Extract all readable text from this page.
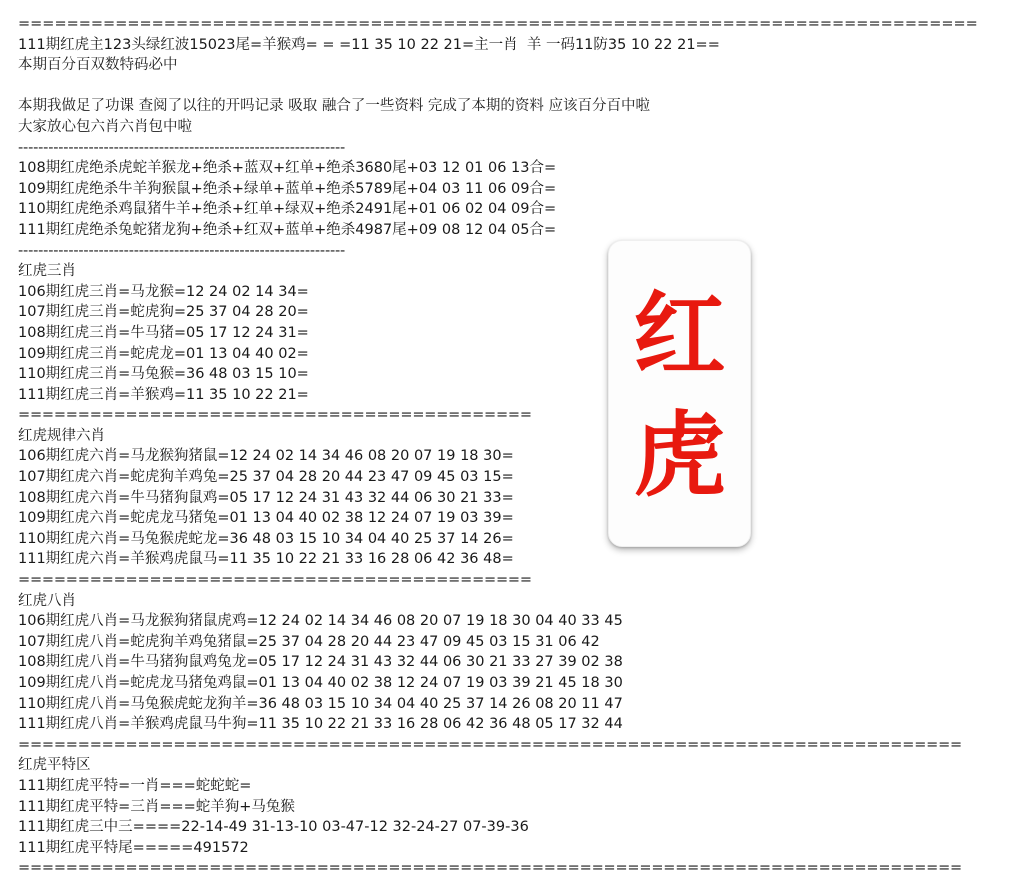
===============================================================================
111期红虎主123头绿红波15023尾=羊猴鸡= = =11 35 10 22 21=主一肖  羊 一码11防35 10 22 21==
本期百分百双数特码必中
本期我做足了功课 查阅了以往的开吗记录 吸取 融合了一些资料 完成了本期的资料 应该百分百中啦
大家放心包六肖六肖包中啦
-----------------------------------------------------------------
108期红虎绝杀虎蛇羊猴龙+绝杀+蓝双+红单+绝杀3680尾+03 12 01 06 13合=
109期红虎绝杀牛羊狗猴鼠+绝杀+绿单+蓝单+绝杀5789尾+04 03 11 06 09合=
110期红虎绝杀鸡鼠猪牛羊+绝杀+红单+绿双+绝杀2491尾+01 06 02 04 09合=
111期红虎绝杀兔蛇猪龙狗+绝杀+红双+蓝单+绝杀4987尾+09 08 12 04 05合=
-----------------------------------------------------------------
红虎三肖
106期红虎三肖=马龙猴=12 24 02 14 34=
107期红虎三肖=蛇虎狗=25 37 04 28 20=
108期红虎三肖=牛马猪=05 17 12 24 31=
109期红虎三肖=蛇虎龙=01 13 04 40 02=
110期红虎三肖=马兔猴=36 48 03 15 10=
111期红虎三肖=羊猴鸡=11 35 10 22 21=
===========================================
红虎规律六肖
106期红虎六肖=马龙猴狗猪鼠=12 24 02 14 34 46 08 20 07 19 18 30=
107期红虎六肖=蛇虎狗羊鸡兔=25 37 04 28 20 44 23 47 09 45 03 15=
108期红虎六肖=牛马猪狗鼠鸡=05 17 12 24 31 43 32 44 06 30 21 33=
109期红虎六肖=蛇虎龙马猪兔=01 13 04 40 02 38 12 24 07 19 03 39=
110期红虎六肖=马兔猴虎蛇龙=36 48 03 15 10 34 04 40 25 37 14 26=
111期红虎六肖=羊猴鸡虎鼠马=11 35 10 22 21 33 16 28 06 42 36 48=
===========================================
红虎八肖
106期红虎八肖=马龙猴狗猪鼠虎鸡=12 24 02 14 34 46 08 20 07 19 18 30 04 40 33 45
107期红虎八肖=蛇虎狗羊鸡兔猪鼠=25 37 04 28 20 44 23 47 09 45 03 15 31 06 42
108期红虎八肖=牛马猪狗鼠鸡兔龙=05 17 12 24 31 43 32 44 06 30 21 33 27 39 02 38
109期红虎八肖=蛇虎龙马猪兔鸡鼠=01 13 04 40 02 38 12 24 07 19 03 39 21 45 18 30
110期红虎八肖=马兔猴虎蛇龙狗羊=36 48 03 15 10 34 04 40 25 37 14 26 08 20 11 47
111期红虎八肖=羊猴鸡虎鼠马牛狗=11 35 10 22 21 33 16 28 06 42 36 48 05 17 32 44
===============================================================================
红虎平特区
111期红虎平特=一肖===蛇蛇蛇=
111期红虎平特=三肖===蛇羊狗+马兔猴
111期红虎三中三====22-14-49 31-13-10 03-47-12 32-24-27 07-39-36
111期红虎平特尾=====491572
===============================================================================
红
虎
